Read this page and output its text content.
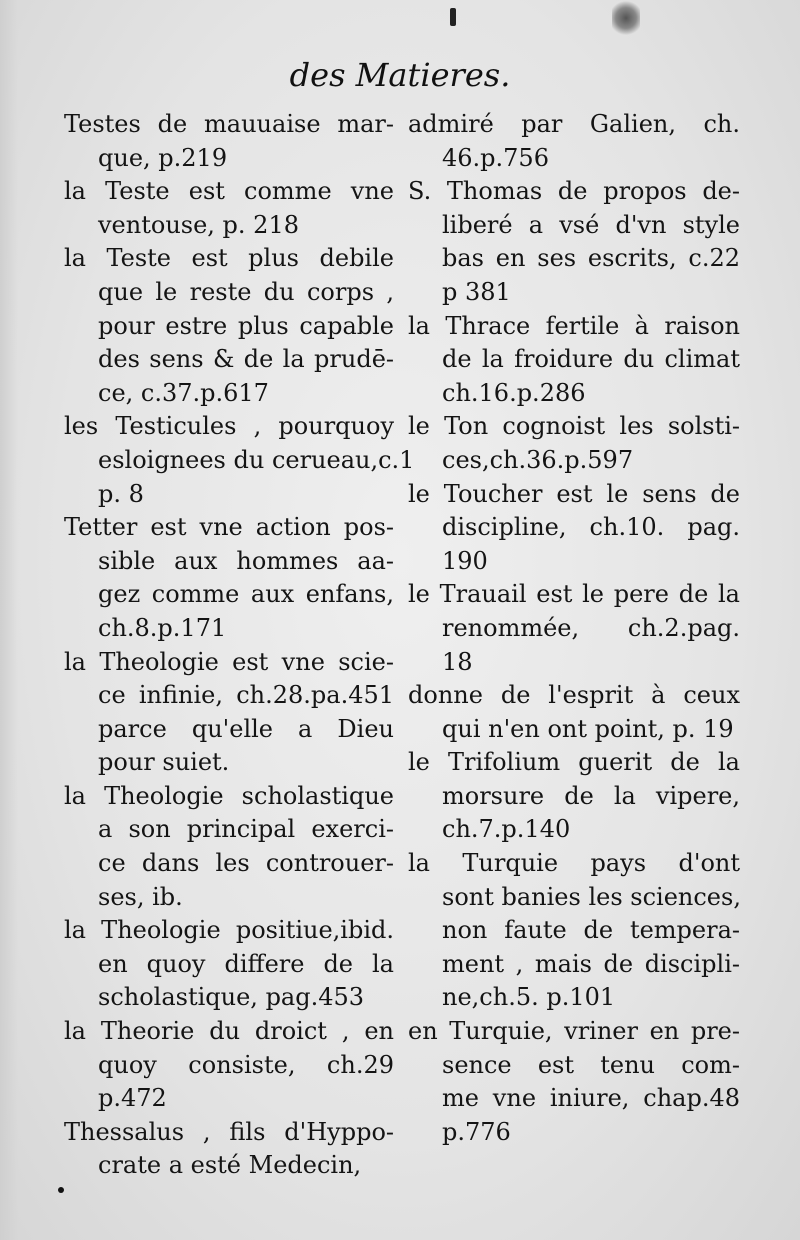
des Matieres.
Testes de mauuaise mar-
que, p.219
la Teste est comme vne
ventouse, p. 218
la Teste est plus debile
que le reste du corps ,
pour estre plus capable
des sens & de la prudē-
ce, c.37.p.617
les Testicules , pourquoy
esloignees du cerueau,c.1
p. 8
Tetter est vne action pos-
sible aux hommes aa-
gez comme aux enfans,
ch.8.p.171
la Theologie est vne scie-
ce infinie, ch.28.pa.451
parce qu'elle a Dieu
pour suiet.
la Theologie scholastique
a son principal exerci-
ce dans les controuer-
ses, ib.
la Theologie positiue,ibid.
en quoy differe de la
scholastique, pag.453
la Theorie du droict , en
quoy consiste, ch.29
p.472
Thessalus , fils d'Hyppo-
crate a esté Medecin,
admiré par Galien, ch.
46.p.756
S. Thomas de propos de-
liberé a vsé d'vn style
bas en ses escrits, c.22
p 381
la Thrace fertile à raison
de la froidure du climat
ch.16.p.286
le Ton cognoist les solsti-
ces,ch.36.p.597
le Toucher est le sens de
discipline, ch.10. pag.
190
le Trauail est le pere de la
renommée, ch.2.pag.
18
donne de l'esprit à ceux
qui n'en ont point, p. 19
le Trifolium guerit de la
morsure de la vipere,
ch.7.p.140
la Turquie pays d'ont
sont banies les sciences,
non faute de tempera-
ment , mais de discipli-
ne,ch.5. p.101
en Turquie, vriner en pre-
sence est tenu com-
me vne iniure, chap.48
p.776
